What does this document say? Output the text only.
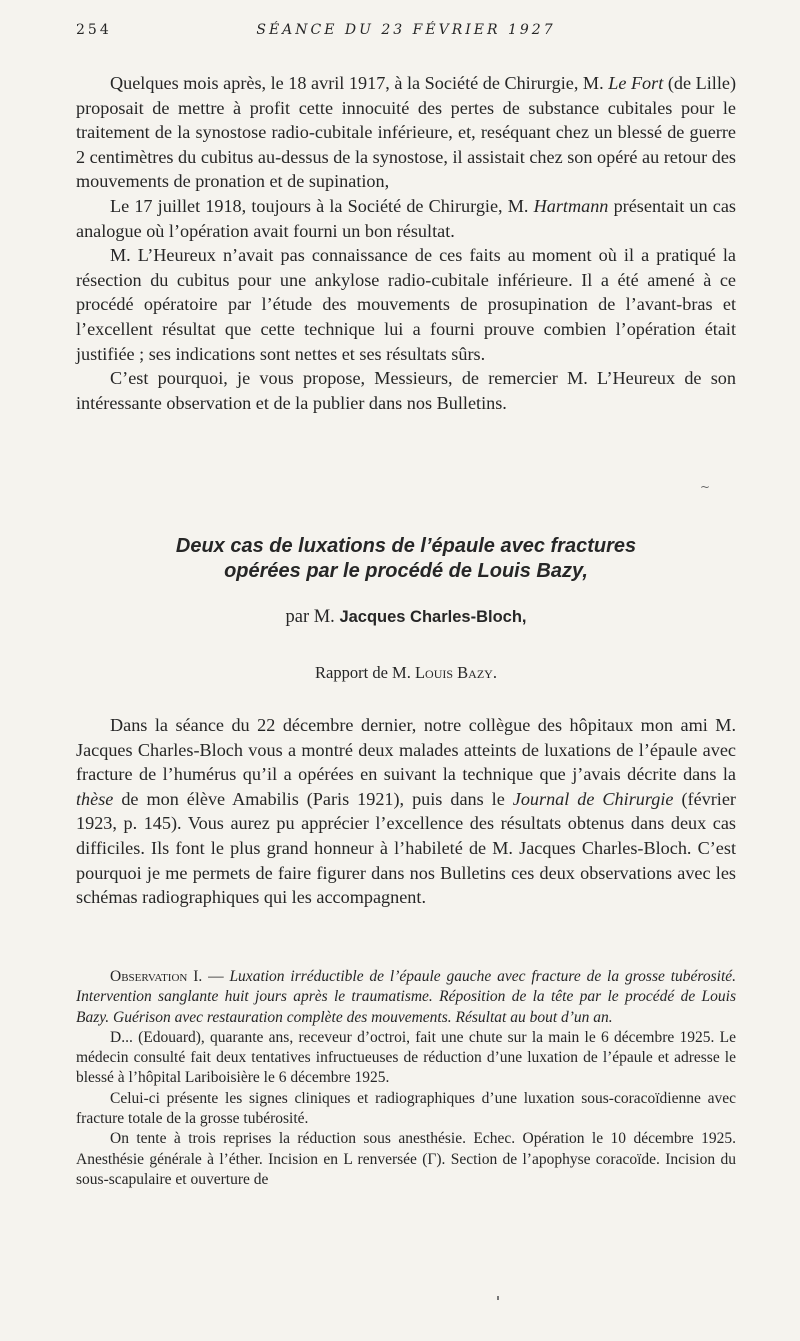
254	SÉANCE DU 23 FÉVRIER 1927

Quelques mois après, le 18 avril 1917, à la Société de Chirurgie, M. Le Fort (de Lille) proposait de mettre à profit cette innocuité des pertes de substance cubitales pour le traitement de la synostose radio-cubitale inférieure, et, reséquant chez un blessé de guerre 2 centimètres du cubitus au-dessus de la synostose, il assistait chez son opéré au retour des mouvements de pronation et de supination,

Le 17 juillet 1918, toujours à la Société de Chirurgie, M. Hartmann présentait un cas analogue où l’opération avait fourni un bon résultat.

M. L’Heureux n’avait pas connaissance de ces faits au moment où il a pratiqué la résection du cubitus pour une ankylose radio-cubitale inférieure. Il a été amené à ce procédé opératoire par l’étude des mouvements de prosupination de l’avant-bras et l’excellent résultat que cette technique lui a fourni prouve combien l’opération était justifiée ; ses indications sont nettes et ses résultats sûrs.

C’est pourquoi, je vous propose, Messieurs, de remercier M. L’Heureux de son intéressante observation et de la publier dans nos Bulletins.

~
Deux cas de luxations de l’épaule avec fractures
opérées par le procédé de Louis Bazy,
par M. Jacques Charles-Bloch,
Rapport de M. Louis Bazy.

Dans la séance du 22 décembre dernier, notre collègue des hôpitaux mon ami M. Jacques Charles-Bloch vous a montré deux malades atteints de luxations de l’épaule avec fracture de l’humérus qu’il a opérées en suivant la technique que j’avais décrite dans la thèse de mon élève Amabilis (Paris 1921), puis dans le Journal de Chirurgie (février 1923, p. 145). Vous aurez pu apprécier l’excellence des résultats obtenus dans deux cas difficiles. Ils font le plus grand honneur à l’habileté de M. Jacques Charles-Bloch. C’est pourquoi je me permets de faire figurer dans nos Bulletins ces deux observations avec les schémas radiographiques qui les accompagnent.

Observation I. — Luxation irréductible de l’épaule gauche avec fracture de la grosse tubérosité. Intervention sanglante huit jours après le traumatisme. Réposition de la tête par le procédé de Louis Bazy. Guérison avec restauration complète des mouvements. Résultat au bout d’un an.

D... (Edouard), quarante ans, receveur d’octroi, fait une chute sur la main le 6 décembre 1925. Le médecin consulté fait deux tentatives infructueuses de réduction d’une luxation de l’épaule et adresse le blessé à l’hôpital Lariboisière le 6 décembre 1925.

Celui-ci présente les signes cliniques et radiographiques d’une luxation sous-coracoïdienne avec fracture totale de la grosse tubérosité.

On tente à trois reprises la réduction sous anesthésie. Echec. Opération le 10 décembre 1925. Anesthésie générale à l’éther. Incision en L renversée (Γ). Section de l’apophyse coracoïde. Incision du sous-scapulaire et ouverture de
